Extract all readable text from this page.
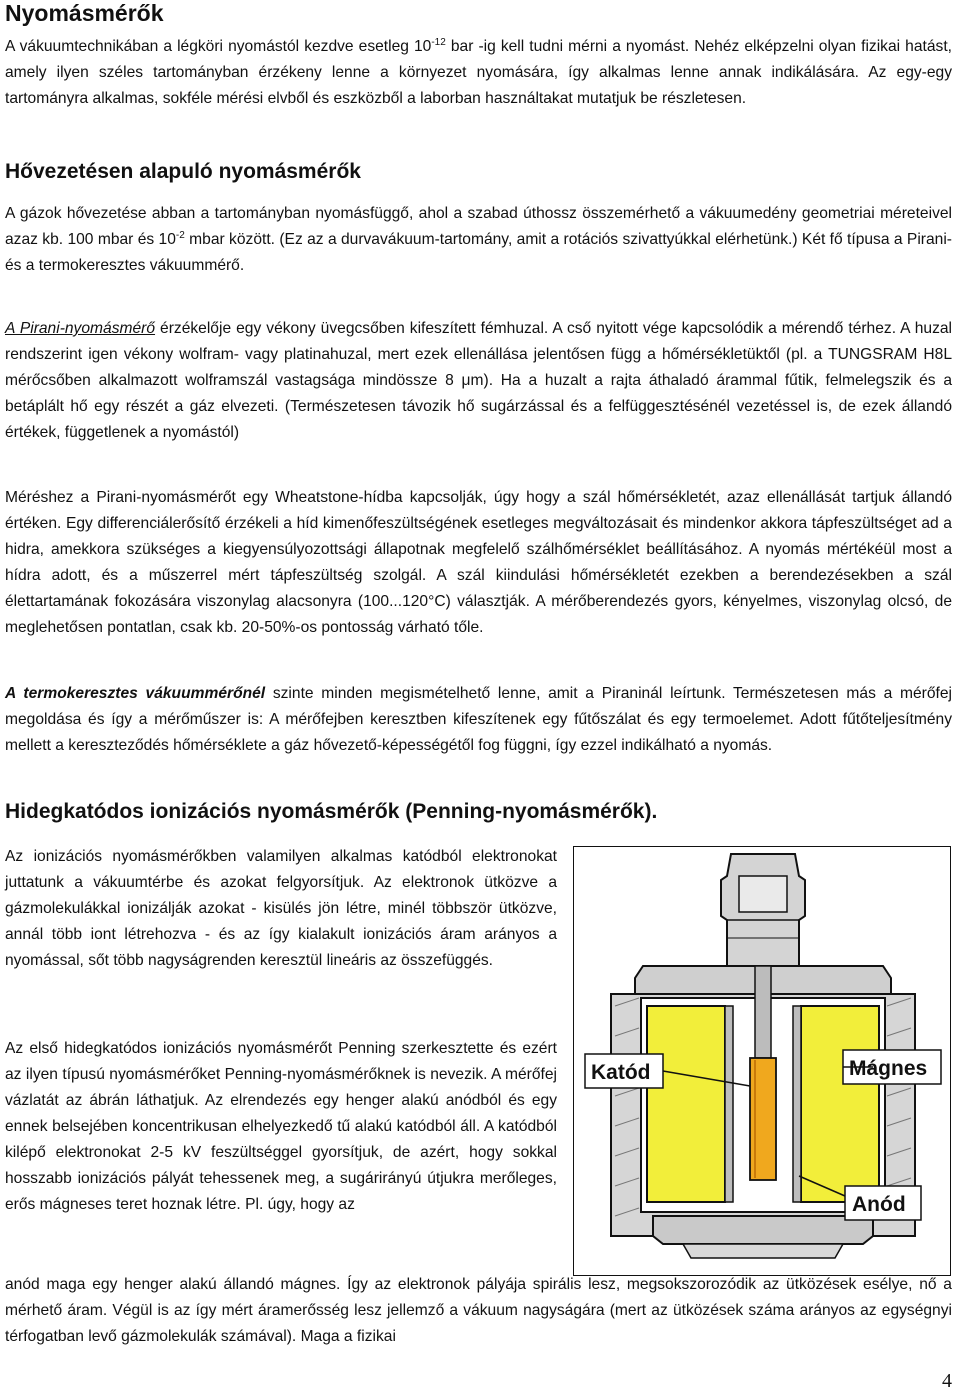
Nyomásmérők
A vákuumtechnikában a légköri nyomástól kezdve esetleg $10^{-12}$ bar -ig kell tudni mérni a nyomást. Nehéz elképzelni olyan fizikai hatást, amely ilyen széles tartományban érzékeny lenne a környezet nyomására, így alkalmas lenne annak indikálására. Az egy-egy tartományra alkalmas, sokféle mérési elvből és eszközből a laborban használtakat mutatjuk be részletesen.
Hővezetésen alapuló nyomásmérők
A gázok hővezetése abban a tartományban nyomásfüggő, ahol a szabad úthossz összemérhető a vákuumedény geometriai méreteivel azaz kb. 100 mbar és $10^{-2}$ mbar között. (Ez az a durvavákuum-tartomány, amit a rotációs szivattyúkkal elérhetünk.) Két fő típusa a Pirani- és a termokeresztes vákuummérő.
A Pirani-nyomásmérő érzékelője egy vékony üvegcsőben kifeszített fémhuzal. A cső nyitott vége kapcsolódik a mérendő térhez. A huzal rendszerint igen vékony wolfram- vagy platinahuzal, mert ezek ellenállása jelentősen függ a hőmérsékletüktől (pl. a TUNGSRAM H8L mérőcsőben alkalmazott wolframszál vastagsága mindössze 8 μm). Ha a huzalt a rajta áthaladó árammal fűtik, felmelegszik és a betáplált hő egy részét a gáz elvezeti. (Természetesen távozik hő sugárzással és a felfüggesztésénél vezetéssel is, de ezek állandó értékek, függetlenek a nyomástól)
Méréshez a Pirani-nyomásmérőt egy Wheatstone-hídba kapcsolják, úgy hogy a szál hőmérsékletét, azaz ellenállását tartjuk állandó értéken. Egy differenciálerősítő érzékeli a híd kimenőfeszültségének esetleges megváltozásait és mindenkor akkora tápfeszültséget ad a hidra, amekkora szükséges a kiegyensúlyozottsági állapotnak megfelelő szálhőmérséklet beállításához. A nyomás mértékéül most a hídra adott, és a műszerrel mért tápfeszültség szolgál. A szál kiindulási hőmérsékletét ezekben a berendezésekben a szál élettartamának fokozására viszonylag alacsonyra (100...120°C) választják. A mérőberendezés gyors, kényelmes, viszonylag olcsó, de meglehetősen pontatlan, csak kb. 20-50%-os pontosság várható tőle.
A termokeresztes vákuummérőnél szinte minden megismételhető lenne, amit a Piraninál leírtunk. Természetesen más a mérőfej megoldása és így a mérőműszer is: A mérőfejben keresztben kifeszítenek egy fűtőszálat és egy termoelemet. Adott fűtőteljesítmény mellett a kereszteződés hőmérséklete a gáz hővezető-képességétől fog függni, így ezzel indikálható a nyomás.
Hidegkatódos ionizációs nyomásmérők (Penning-nyomásmérők).
Az ionizációs nyomásmérőkben valamilyen alkalmas katódból elektronokat juttatunk a vákuumtérbe és azokat felgyorsítjuk. Az elektronok ütközve a gázmolekulákkal ionizálják azokat - kisülés jön létre, minél többször ütközve, annál több iont létrehozva - és az így kialakult ionizációs áram arányos a nyomással, sőt több nagyságrenden keresztül lineáris az összefüggés.
Az első hidegkatódos ionizációs nyomásmérőt Penning szerkesztette és ezért az ilyen típusú nyomásmérőket Penning-nyomásmérőknek is nevezik. A mérőfej vázlatát az ábrán láthatjuk. Az elrendezés egy henger alakú anódból és egy ennek belsejében koncentrikusan elhelyezkedő tű alakú katódból áll. A katódból kilépő elektronokat 2-5 kV feszültséggel gyorsítjuk, de azért, hogy sokkal hosszabb ionizációs pályát tehessenek meg, a sugárirányú útjukra merőleges, erős mágneses teret hoznak létre. Pl. úgy, hogy az
anód maga egy henger alakú állandó mágnes. Így az elektronok pályája spirális lesz, megsokszorozódik az ütközések esélye, nő a mérhető áram. Végül is az így mért áramerősség lesz jellemző a vákuum nagyságára (mert az ütközések száma arányos az egységnyi térfogatban levő gázmolekulák számával). Maga a fizikai
Katód	Mágnes
Anód
4
